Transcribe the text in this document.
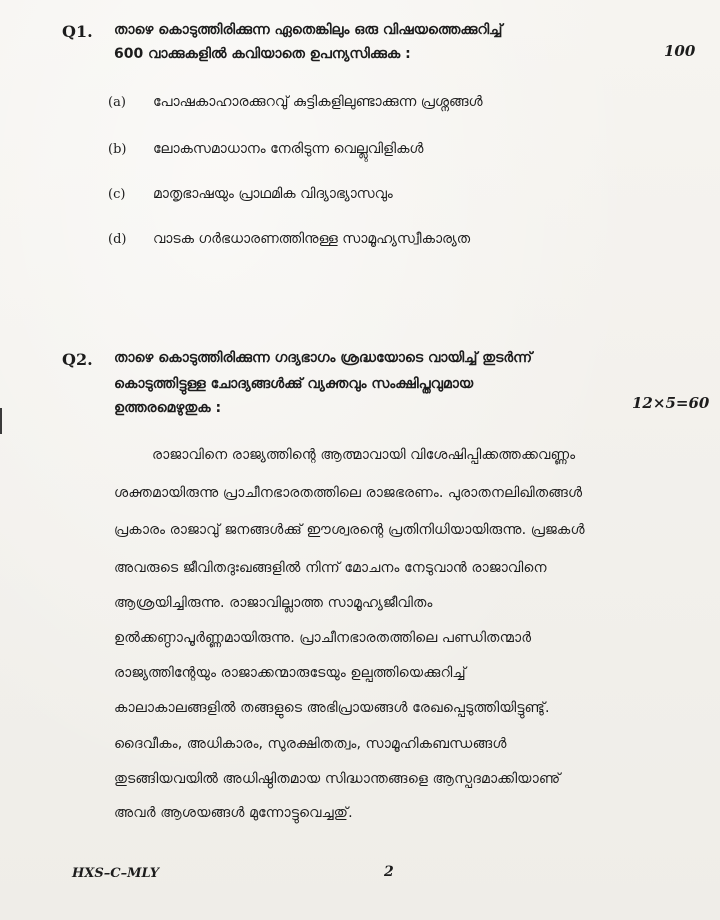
Q1. താഴെ കൊടുത്തിരിക്കുന്ന ഏതെങ്കിലും ഒരു വിഷയത്തെക്കുറിച്ച്
600 വാക്കുകളിൽ കവിയാതെ ഉപന്യസിക്കുക :	100
(a) പോഷകാഹാരക്കുറവു് കുട്ടികളിലുണ്ടാക്കുന്ന പ്രശ്നങ്ങൾ
(b) ലോകസമാധാനം നേരിടുന്ന വെല്ലുവിളികൾ
(c) മാതൃഭാഷയും പ്രാഥമിക വിദ്യാഭ്യാസവും
(d) വാടക ഗർഭധാരണത്തിനുള്ള സാമൂഹ്യസ്വീകാര്യത
Q2. താഴെ കൊടുത്തിരിക്കുന്ന ഗദ്യഭാഗം ശ്രദ്ധയോടെ വായിച്ച് തുടർന്ന്
കൊടുത്തിട്ടുള്ള ചോദ്യങ്ങൾക്കു് വ്യക്തവും സംക്ഷിപ്തവുമായ
ഉത്തരമെഴുതുക :	12×5=60
രാജാവിനെ രാജ്യത്തിന്റെ ആത്മാവായി വിശേഷിപ്പിക്കത്തക്കവണ്ണം
ശക്തമായിരുന്നു പ്രാചീനഭാരതത്തിലെ രാജഭരണം. പുരാതനലിഖിതങ്ങൾ
പ്രകാരം രാജാവു് ജനങ്ങൾക്കു് ഈശ്വരന്റെ പ്രതിനിധിയായിരുന്നു. പ്രജകൾ
അവരുടെ ജീവിതദുഃഖങ്ങളിൽ നിന്ന് മോചനം നേടുവാൻ രാജാവിനെ
ആശ്രയിച്ചിരുന്നു. രാജാവില്ലാത്ത സാമൂഹ്യജീവിതം
ഉൽക്കണ്ഠാപൂർണ്ണമായിരുന്നു. പ്രാചീനഭാരതത്തിലെ പണ്ഡിതന്മാർ
രാജ്യത്തിന്റേയും രാജാക്കന്മാരുടേയും ഉല്പത്തിയെക്കുറിച്ച്
കാലാകാലങ്ങളിൽ തങ്ങളുടെ അഭിപ്രായങ്ങൾ രേഖപ്പെടുത്തിയിട്ടുണ്ടു്.
ദൈവീകം, അധികാരം, സുരക്ഷിതത്വം, സാമൂഹികബന്ധങ്ങൾ
തുടങ്ങിയവയിൽ അധിഷ്ഠിതമായ സിദ്ധാന്തങ്ങളെ ആസ്പദമാക്കിയാണു്
അവർ ആശയങ്ങൾ മുന്നോട്ടുവെച്ചതു്.
HXS–C–MLY	2
